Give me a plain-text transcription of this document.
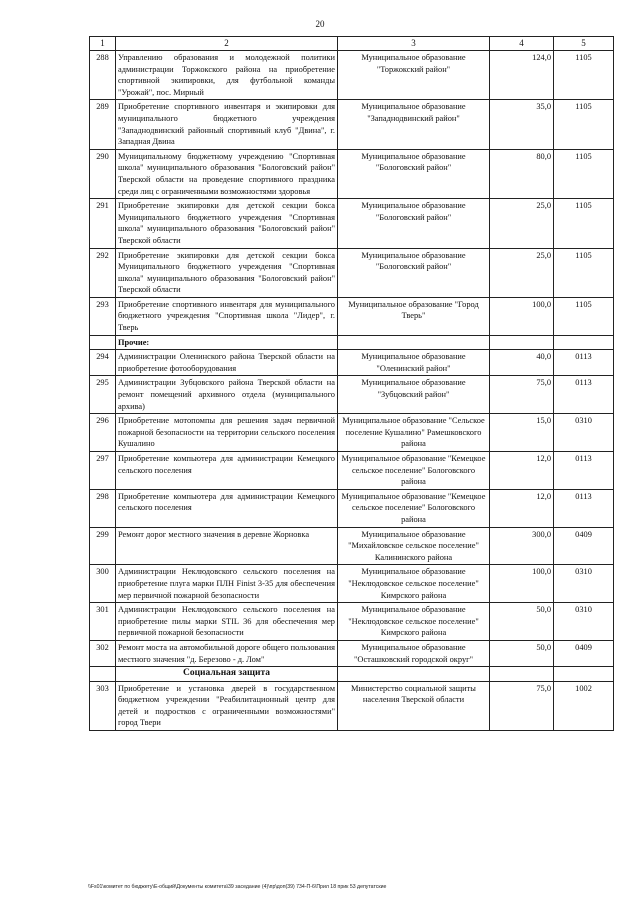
20
1	2	3	4	5
288	Управлению образования и молодежной политики администрации Торжокского района на приобретение спортивной экипировки, для футбольной команды "Урожай", пос. Мирный	Муниципальное образование "Торжокский район"	124,0	1105
289	Приобретение спортивного инвентаря и экипировки для муниципального бюджетного учреждения "Западнодвинский районный спортивный клуб "Двина", г. Западная Двина	Муниципальное образование "Западнодвинский район"	35,0	1105
290	Муниципальному бюджетному учреждению "Спортивная школа" муниципального образования "Бологовский район" Тверской области на проведение спортивного праздника среди лиц с ограниченными возможностями здоровья	Муниципальное образование "Бологовский район"	80,0	1105
291	Приобретение экипировки для детской секции бокса Муниципального бюджетного учреждения "Спортивная школа" муниципального образования "Бологовский район" Тверской области	Муниципальное образование "Бологовский район"	25,0	1105
292	Приобретение экипировки для детской секции бокса Муниципального бюджетного учреждения "Спортивная школа" муниципального образования "Бологовский район" Тверской области	Муниципальное образование "Бологовский район"	25,0	1105
293	Приобретение спортивного инвентаря для муниципального бюджетного учреждения "Спортивная школа "Лидер", г. Тверь	Муниципальное образование "Город Тверь"	100,0	1105
	Прочие:			
294	Администрации Оленинского района Тверской области на приобретение фотооборудования	Муниципальное образование "Оленинский район"	40,0	0113
295	Администрации Зубцовского района Тверской области на ремонт помещений архивного отдела (муниципального архива)	Муниципальное образование "Зубцовский район"	75,0	0113
296	Приобретение мотопомпы для решения задач первичной пожарной безопасности на территории сельского поселения Кушалино	Муниципальное образование "Сельское поселение Кушалино" Рамешковского района	15,0	0310
297	Приобретение компьютера для администрации Кемецкого сельского поселения	Муниципальное образование "Кемецкое сельское поселение" Бологовского района	12,0	0113
298	Приобретение компьютера для администрации Кемецкого сельского поселения	Муниципальное образование "Кемецкое сельское поселение" Бологовского района	12,0	0113
299	Ремонт дорог местного значения в деревне Жорновка	Муниципальное образование "Михайловское сельское поселение" Калининского района	300,0	0409
300	Администрации Неклюдовского сельского поселения на приобретение плуга марки ПЛН Finist 3-35 для обеспечения мер первичной пожарной безопасности	Муниципальное образование "Неклюдовское сельское поселение" Кимрского района	100,0	0310
301	Администрации Неклюдовского сельского поселения на приобретение пилы марки STIL 36 для обеспечения мер первичной пожарной безопасности	Муниципальное образование "Неклюдовское сельское поселение" Кимрского района	50,0	0310
302	Ремонт моста на автомобильной дороге общего пользования местного значения "д. Березово - д. Лом"	Муниципальное образование "Осташковский городской округ"	50,0	0409
	Социальная защита			
303	Приобретение и установка дверей в государственном бюджетном учреждении "Реабилитационный центр для детей и подростков с ограниченными возможностями" город Твери	Министерство социальной защиты населения Тверской области	75,0	1002
\\Fs01\комитет по бюджету\Е-общий\Документы комитета\39 заседание (4)\пр\доп(39) 734-П-6\Прил 18 прик 53 депутатские
